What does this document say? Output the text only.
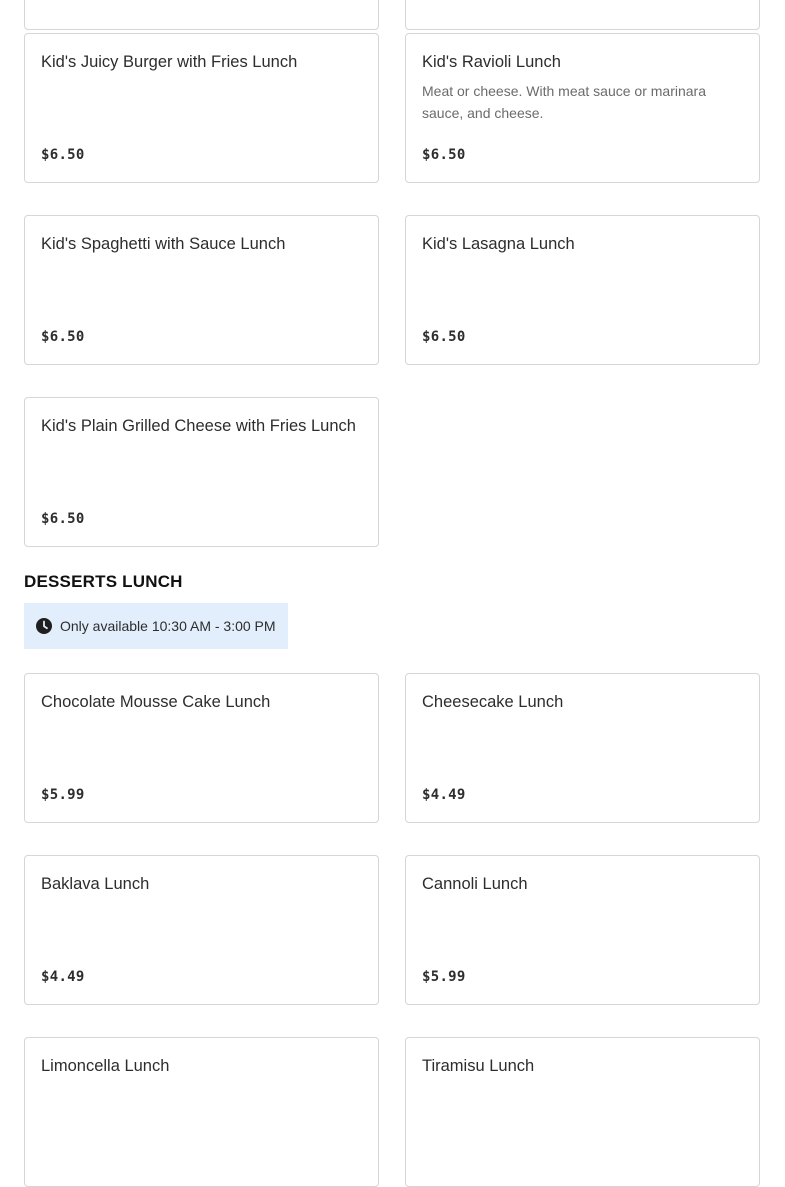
Kid's Juicy Burger with Fries Lunch
$6.50
Kid's Ravioli Lunch
Meat or cheese. With meat sauce or marinara sauce, and cheese.
$6.50
Kid's Spaghetti with Sauce Lunch
$6.50
Kid's Lasagna Lunch
$6.50
Kid's Plain Grilled Cheese with Fries Lunch
$6.50
DESSERTS LUNCH
Only available 10:30 AM - 3:00 PM
Chocolate Mousse Cake Lunch
$5.99
Cheesecake Lunch
$4.49
Baklava Lunch
$4.49
Cannoli Lunch
$5.99
Limoncella Lunch	Tiramisu Lunch
